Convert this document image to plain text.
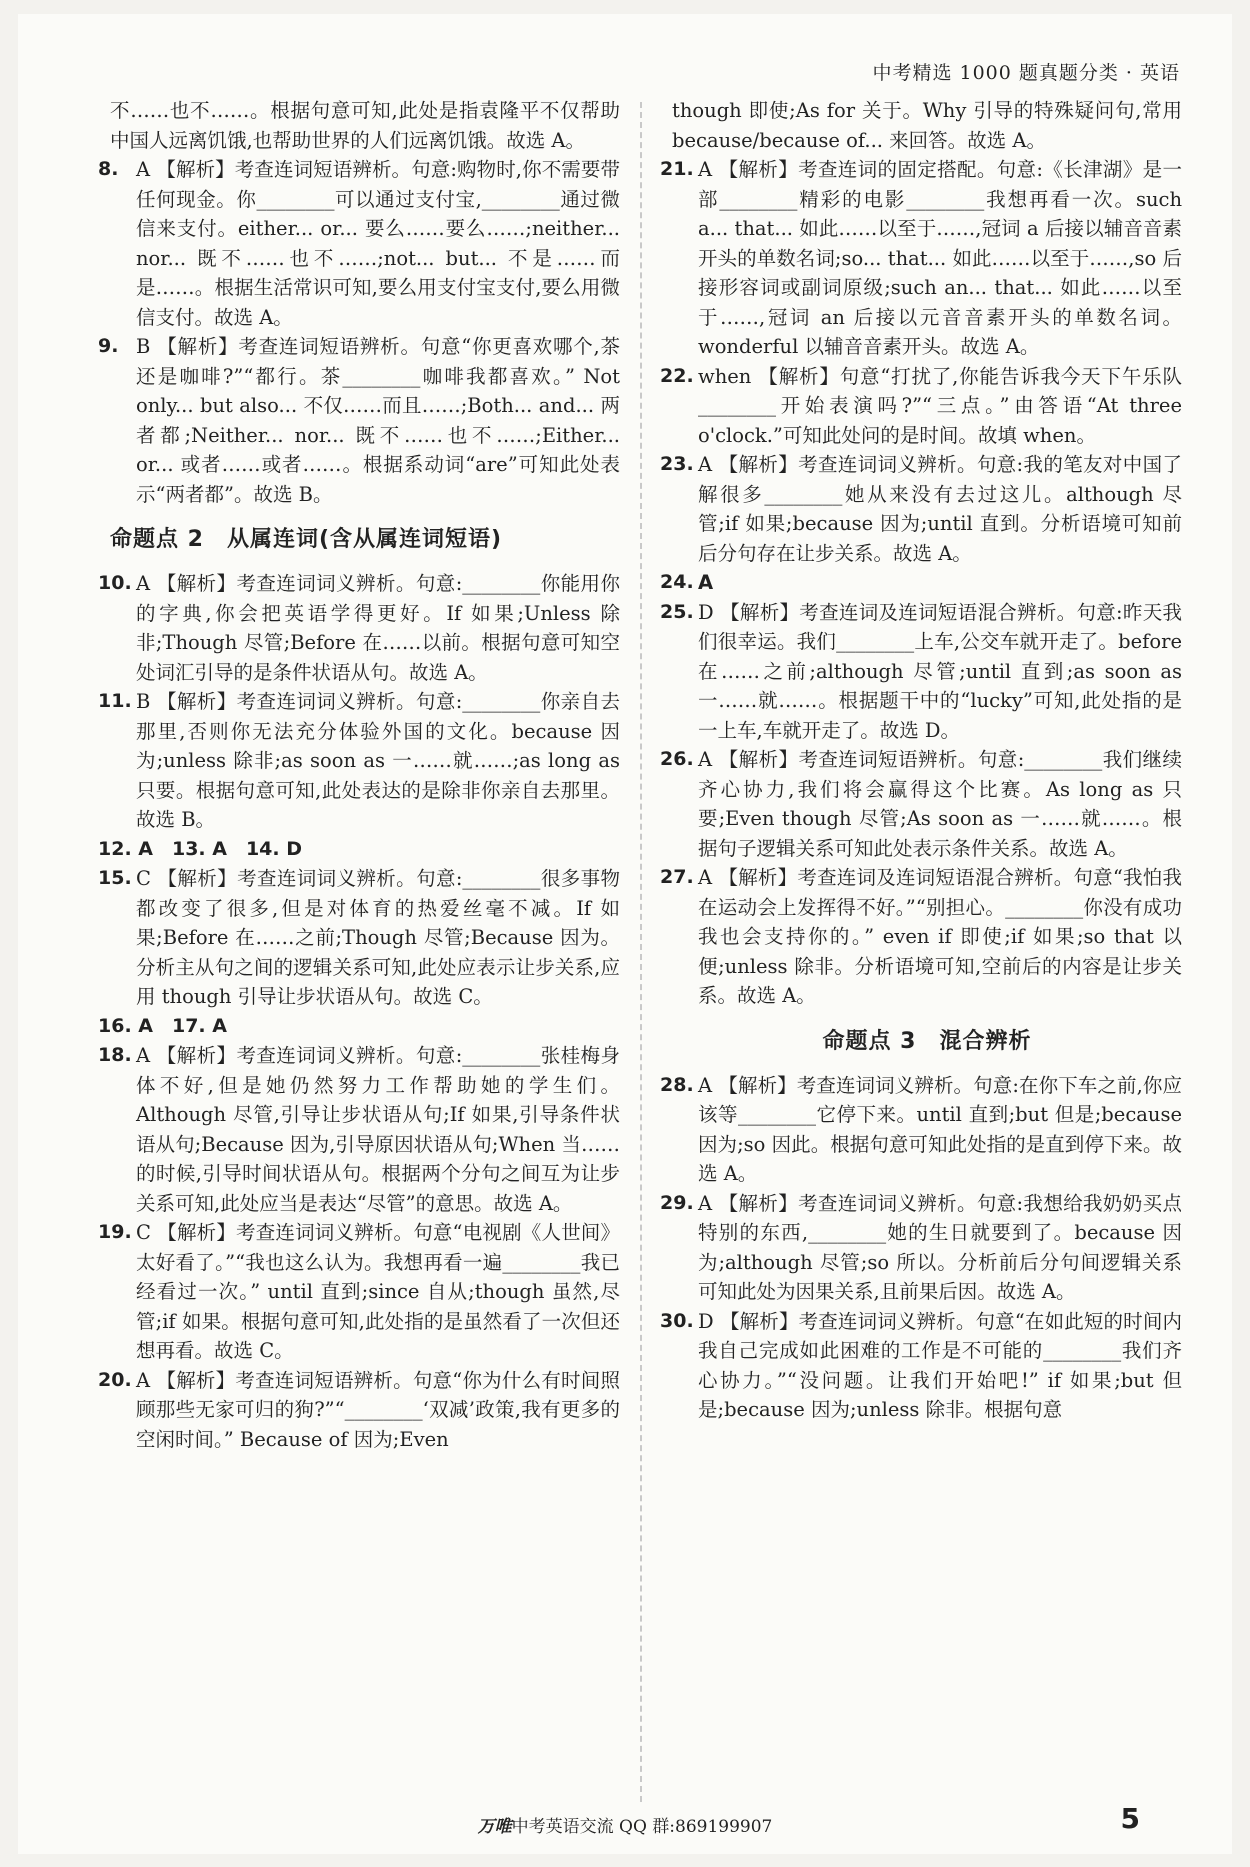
中考精选 1000 题真题分类 · 英语

不……也不……。根据句意可知,此处是指袁隆平不仅帮助中国人远离饥饿,也帮助世界的人们远离饥饿。故选 A。

8. A 【解析】考查连词短语辨析。句意:购物时,你不需要带任何现金。你________可以通过支付宝,________通过微信来支付。either... or... 要么……要么……;neither... nor... 既不……也不……;not... but... 不是……而是……。根据生活常识可知,要么用支付宝支付,要么用微信支付。故选 A。

9. B 【解析】考查连词短语辨析。句意“你更喜欢哪个,茶还是咖啡?”“都行。茶________咖啡我都喜欢。” Not only... but also... 不仅……而且……;Both... and... 两者都;Neither... nor... 既不……也不……;Either... or... 或者……或者……。根据系动词“are”可知此处表示“两者都”。故选 B。

命题点 2　从属连词(含从属连词短语)

10. A 【解析】考查连词词义辨析。句意:________你能用你的字典,你会把英语学得更好。If 如果;Unless 除非;Though 尽管;Before 在……以前。根据句意可知空处词汇引导的是条件状语从句。故选 A。

11. B 【解析】考查连词词义辨析。句意:________你亲自去那里,否则你无法充分体验外国的文化。because 因为;unless 除非;as soon as 一……就……;as long as 只要。根据句意可知,此处表达的是除非你亲自去那里。故选 B。

12. A　13. A　14. D

15. C 【解析】考查连词词义辨析。句意:________很多事物都改变了很多,但是对体育的热爱丝毫不减。If 如果;Before 在……之前;Though 尽管;Because 因为。分析主从句之间的逻辑关系可知,此处应表示让步关系,应用 though 引导让步状语从句。故选 C。

16. A　17. A

18. A 【解析】考查连词词义辨析。句意:________张桂梅身体不好,但是她仍然努力工作帮助她的学生们。Although 尽管,引导让步状语从句;If 如果,引导条件状语从句;Because 因为,引导原因状语从句;When 当……的时候,引导时间状语从句。根据两个分句之间互为让步关系可知,此处应当是表达“尽管”的意思。故选 A。

19. C 【解析】考查连词词义辨析。句意“电视剧《人世间》太好看了。”“我也这么认为。我想再看一遍________我已经看过一次。” until 直到;since 自从;though 虽然,尽管;if 如果。根据句意可知,此处指的是虽然看了一次但还想再看。故选 C。

20. A 【解析】考查连词短语辨析。句意“你为什么有时间照顾那些无家可归的狗?”“________‘双减’政策,我有更多的空闲时间。” Because of 因为;Even

though 即使;As for 关于。Why 引导的特殊疑问句,常用 because/because of... 来回答。故选 A。

21. A 【解析】考查连词的固定搭配。句意:《长津湖》是一部________精彩的电影________我想再看一次。such a... that... 如此……以至于……,冠词 a 后接以辅音音素开头的单数名词;so... that... 如此……以至于……,so 后接形容词或副词原级;such an... that... 如此……以至于……,冠词 an 后接以元音音素开头的单数名词。wonderful 以辅音音素开头。故选 A。

22. when 【解析】句意“打扰了,你能告诉我今天下午乐队________开始表演吗?”“三点。”由答语“At three o'clock.”可知此处问的是时间。故填 when。

23. A 【解析】考查连词词义辨析。句意:我的笔友对中国了解很多________她从来没有去过这儿。although 尽管;if 如果;because 因为;until 直到。分析语境可知前后分句存在让步关系。故选 A。

24. A

25. D 【解析】考查连词及连词短语混合辨析。句意:昨天我们很幸运。我们________上车,公交车就开走了。before 在……之前;although 尽管;until 直到;as soon as 一……就……。根据题干中的“lucky”可知,此处指的是一上车,车就开走了。故选 D。

26. A 【解析】考查连词短语辨析。句意:________我们继续齐心协力,我们将会赢得这个比赛。As long as 只要;Even though 尽管;As soon as 一……就……。根据句子逻辑关系可知此处表示条件关系。故选 A。

27. A 【解析】考查连词及连词短语混合辨析。句意“我怕我在运动会上发挥得不好。”“别担心。________你没有成功我也会支持你的。” even if 即使;if 如果;so that 以便;unless 除非。分析语境可知,空前后的内容是让步关系。故选 A。

命题点 3　混合辨析

28. A 【解析】考查连词词义辨析。句意:在你下车之前,你应该等________它停下来。until 直到;but 但是;because 因为;so 因此。根据句意可知此处指的是直到停下来。故选 A。

29. A 【解析】考查连词词义辨析。句意:我想给我奶奶买点特别的东西,________她的生日就要到了。because 因为;although 尽管;so 所以。分析前后分句间逻辑关系可知此处为因果关系,且前果后因。故选 A。

30. D 【解析】考查连词词义辨析。句意“在如此短的时间内我自己完成如此困难的工作是不可能的________我们齐心协力。”“没问题。让我们开始吧!” if 如果;but 但是;because 因为;unless 除非。根据句意

万唯中考英语交流 QQ 群:869199907	5
